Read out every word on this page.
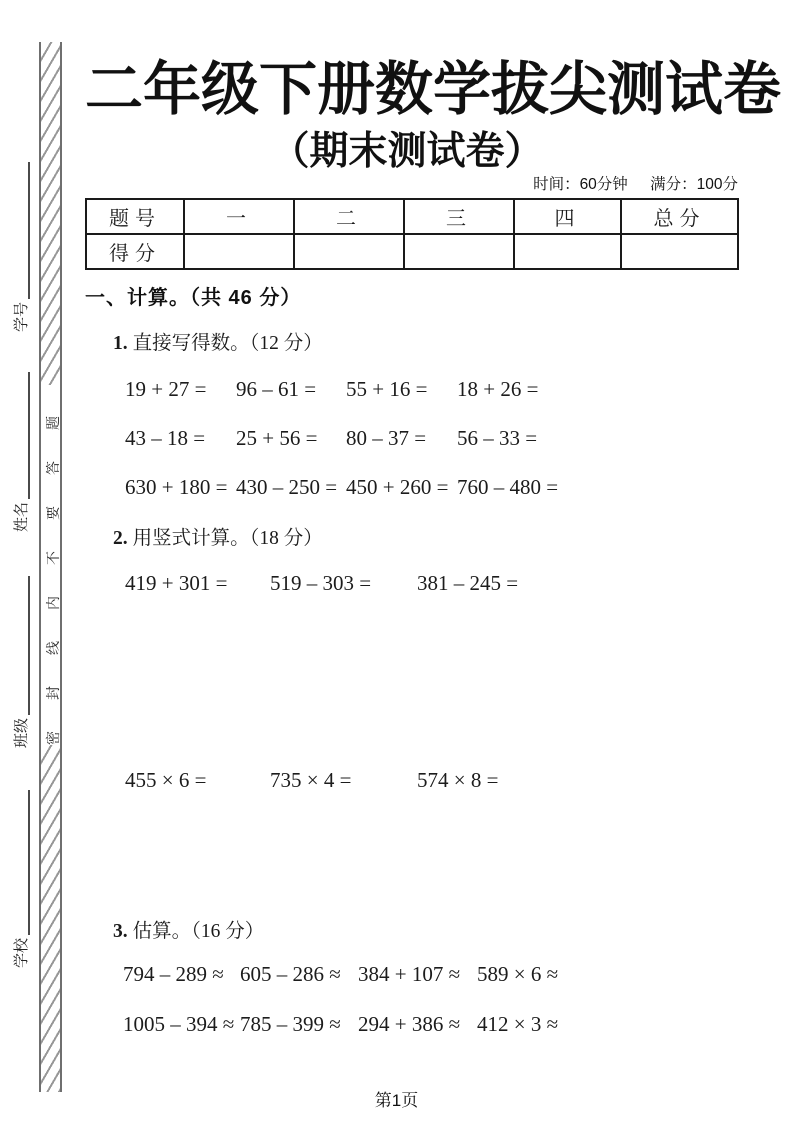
密封线内不要答题
学号
姓名
班级
学校
二年级下册数学拔尖测试卷
（期末测试卷）
时间：60分钟 满分：100分
题号	一	二	三	四	总分
得分					
一、计算。（共 46 分）
1. 直接写得数。（12 分）
19 + 27 = 96 – 61 = 55 + 16 = 18 + 26 =
43 – 18 = 25 + 56 = 80 – 37 = 56 – 33 =
630 + 180 = 430 – 250 = 450 + 260 = 760 – 480 =
2. 用竖式计算。（18 分）
419 + 301 = 519 – 303 = 381 – 245 =
455 × 6 =	735 × 4 =	574 × 8 =
3. 估算。（16 分）
794 – 289 ≈ 605 – 286 ≈ 384 + 107 ≈ 589 × 6 ≈
1005 – 394 ≈ 785 – 399 ≈ 294 + 386 ≈ 412 × 3 ≈
第1页
